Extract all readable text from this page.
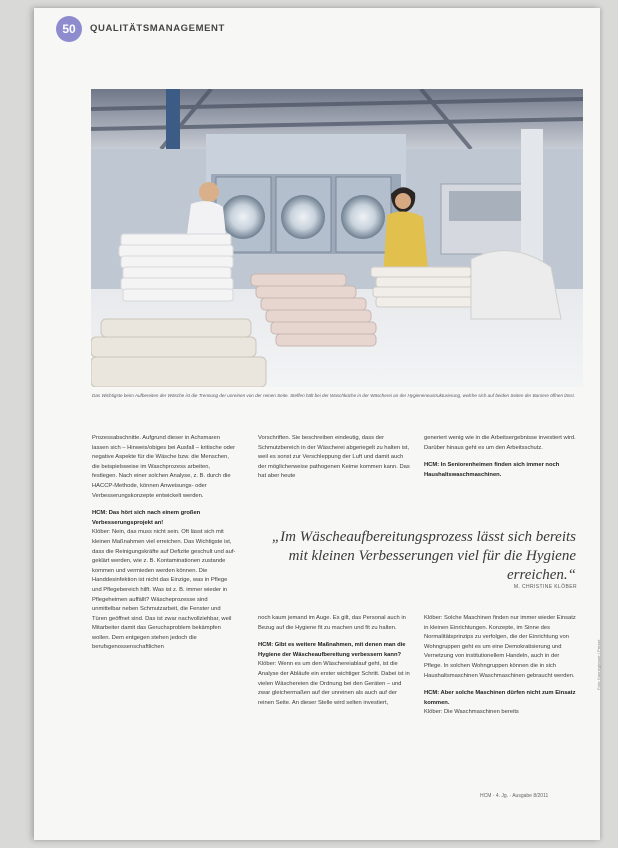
50	QUALITÄTSMANAGEMENT
Das Wichtigste beim Aufbereiten der Wäsche ist die Trennung der unreinen von der reinen Seite. Steffen hält bei der Waschküche in der Wäscherei an der Hygieneneustrukturierung, welche sich auf beiden Seiten der Barriere öffnen lässt.

Prozessabschnitte. Aufgrund dieser in Achsmaren lassen sich – Hinweis/obiges bei Ausfall – kritische oder negative Aspekte für die Wäsche bzw. die Menschen, die beispielsweise im Waschprozess arbeiten, festlegen. Nach einer solchen Analyse, z. B. durch die HACCP-Methode, können Anweisungs- oder Verbesserungskonzepte entwickelt werden.

HCM: Das hört sich nach einem großen Verbesserungsprojekt an!

Klöber: Nein, das muss nicht sein. Oft lässt sich mit kleinen Maßnahmen viel erreichen. Das Wichtigste ist, dass die Reinigungskräfte auf Defizite geschult und auf- geklärt werden, wie z. B. Kontaminationen zustande kommen und vermieden werden können. Die Handdesinfektion ist nicht das Einzige, was in Pflege und Pflegebereich hilft. Was ist z. B. immer wieder in Pflegeheimen auffällt? Wäscheprozesse sind unmittelbar neben Schmutzarbeit, die Fenster und Türen geöffnet sind. Das ist zwar nachvollziehbar, weil Mitarbeiter damit das Geruchsproblem bekämpfen wollen. Dem entgegen stehen jedoch die berufsgenossenschaftlichen

Vorschriften. Sie beschreiben eindeutig, dass der Schmutzbereich in der Wäscherei abgeriegelt zu halten ist, weil es sonst zur Verschleppung der Luft und damit auch der möglicherweise pathogenen Keime kommen kann. Das hat aber heute

noch kaum jemand im Auge. Es gilt, das Personal auch in Bezug auf die Hygiene fit zu machen und fit zu halten.

HCM: Gibt es weitere Maßnahmen, mit denen man die Hygiene der Wäscheaufbereitung verbessern kann?

Klöber: Wenn es um den Wäschereiablauf geht, ist die Analyse der Abläufe ein erster wichtiger Schritt. Dabei ist in vielen Wäschereien die Ordnung bei den Geräten – und zwar gleichermaßen auf der unreinen als auch auf der reinen Seite. An dieser Stelle wird selten investiert,

generiert wenig wie in die Arbeitsergebnisse investiert wird. Darüber hinaus geht es um den Arbeitsschutz.

HCM: In Seniorenheimen finden sich immer noch Haushaltswaschmaschinen.

Klöber: Solche Maschinen finden nur immer wieder Einsatz in kleinen Einrichtungen. Konzepte, im Sinne des Normalitätsprinzips zu verfolgen, die der Einrichtung von Wohngruppen geht es um eine Demokratisierung und Vernetzung von institutionellem Handeln, auch in der Pflege. In solchen Wohngruppen können die in sich Haushaltsmaschinen Waschmaschinen gebraucht werden.

HCM: Aber solche Maschinen dürfen nicht zum Einsatz kommen.

Klöber: Die Waschmaschinen bereits

„Im Wäscheaufbereitungsprozess lässt sich bereits mit kleinen Verbesserungen viel für die Hygiene erreichen.“
M. CHRISTINE KLÖBER
HCM · 4. Jg. · Ausgabe 8/2011
Foto: Kannegiesser / Presse
